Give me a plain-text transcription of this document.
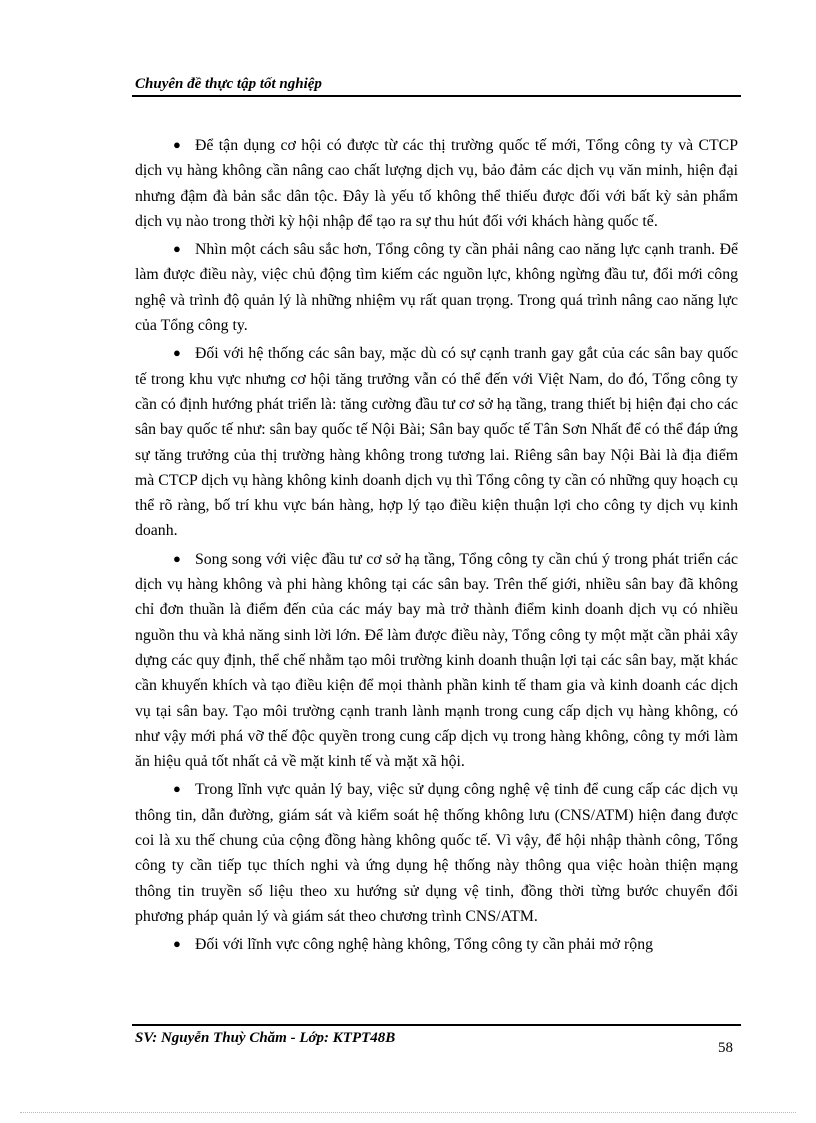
Chuyên đề thực tập tốt nghiệp

● Để tận dụng cơ hội có được từ các thị trường quốc tế mới, Tổng công ty và CTCP dịch vụ hàng không cần nâng cao chất lượng dịch vụ, bảo đảm các dịch vụ văn minh, hiện đại nhưng đậm đà bản sắc dân tộc. Đây là yếu tố không thể thiếu được đối với bất kỳ sản phẩm dịch vụ nào trong thời kỳ hội nhập để tạo ra sự thu hút đối với khách hàng quốc tế.

● Nhìn một cách sâu sắc hơn, Tổng công ty cần phải nâng cao năng lực cạnh tranh. Để làm được điều này, việc chủ động tìm kiếm các nguồn lực, không ngừng đầu tư, đổi mới công nghệ và trình độ quản lý là những nhiệm vụ rất quan trọng. Trong quá trình nâng cao năng lực của Tổng công ty.

● Đối với hệ thống các sân bay, mặc dù có sự cạnh tranh gay gắt của các sân bay quốc tế trong khu vực nhưng cơ hội tăng trưởng vẫn có thể đến với Việt Nam, do đó, Tổng công ty cần có định hướng phát triển là: tăng cường đầu tư cơ sở hạ tầng, trang thiết bị hiện đại cho các sân bay quốc tế như: sân bay quốc tế Nội Bài; Sân bay quốc tế Tân Sơn Nhất để có thể đáp ứng sự tăng trưởng của thị trường hàng không trong tương lai. Riêng sân bay Nội Bài là địa điểm mà CTCP dịch vụ hàng không kinh doanh dịch vụ thì Tổng công ty cần có những quy hoạch cụ thể rõ ràng, bố trí khu vực bán hàng, hợp lý tạo điều kiện thuận lợi cho công ty dịch vụ kinh doanh.

● Song song với việc đầu tư cơ sở hạ tầng, Tổng công ty cần chú ý trong phát triển các dịch vụ hàng không và phi hàng không tại các sân bay. Trên thế giới, nhiều sân bay đã không chỉ đơn thuần là điểm đến của các máy bay mà trở thành điểm kinh doanh dịch vụ có nhiều nguồn thu và khả năng sinh lời lớn. Để làm được điều này, Tổng công ty một mặt cần phải xây dựng các quy định, thể chế nhằm tạo môi trường kinh doanh thuận lợi tại các sân bay, mặt khác cần khuyến khích và tạo điều kiện để mọi thành phần kinh tế tham gia và kinh doanh các dịch vụ tại sân bay. Tạo môi trường cạnh tranh lành mạnh trong cung cấp dịch vụ hàng không, có như vậy mới phá vỡ thế độc quyền trong cung cấp dịch vụ trong hàng không, công ty mới làm ăn hiệu quả tốt nhất cả về mặt kinh tế và mặt xã hội.

● Trong lĩnh vực quản lý bay, việc sử dụng công nghệ vệ tinh để cung cấp các dịch vụ thông tin, dẫn đường, giám sát và kiểm soát hệ thống không lưu (CNS/ATM) hiện đang được coi là xu thế chung của cộng đồng hàng không quốc tế. Vì vậy, để hội nhập thành công, Tổng công ty cần tiếp tục thích nghi và ứng dụng hệ thống này thông qua việc hoàn thiện mạng thông tin truyền số liệu theo xu hướng sử dụng vệ tinh, đồng thời từng bước chuyển đổi phương pháp quản lý và giám sát theo chương trình CNS/ATM.

● Đối với lĩnh vực công nghệ hàng không, Tổng công ty cần phải mở rộng

SV: Nguyễn Thuỳ Chăm - Lớp: KTPT48B
58
